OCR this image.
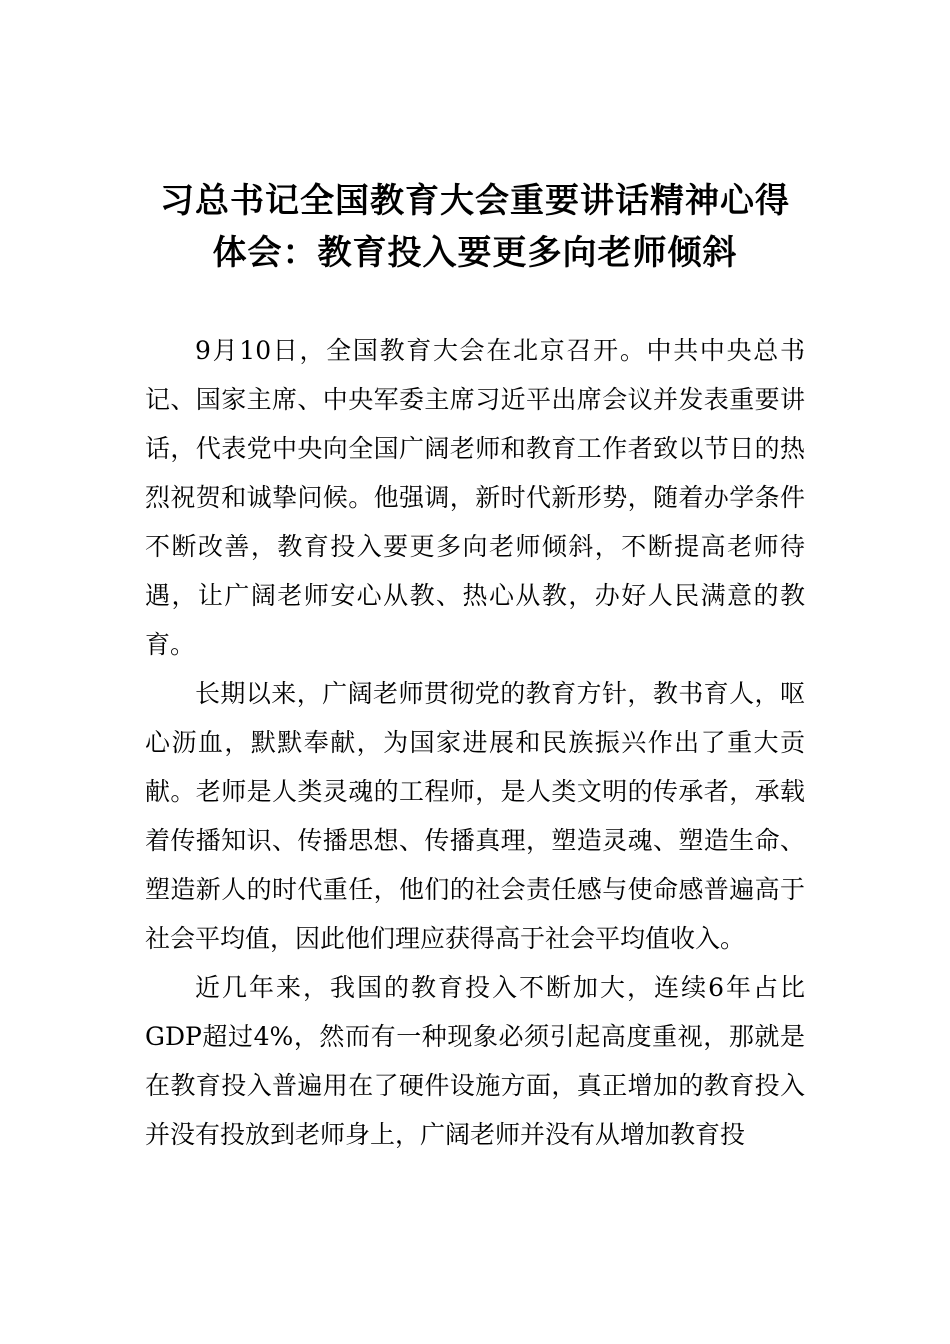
习总书记全国教育大会重要讲话精神心得体会：教育投入要更多向老师倾斜

9月10日，全国教育大会在北京召开。中共中央总书记、国家主席、中央军委主席习近平出席会议并发表重要讲话，代表党中央向全国广阔老师和教育工作者致以节日的热烈祝贺和诚挚问候。他强调，新时代新形势，随着办学条件不断改善，教育投入要更多向老师倾斜，不断提高老师待遇，让广阔老师安心从教、热心从教，办好人民满意的教育。

长期以来，广阔老师贯彻党的教育方针，教书育人，呕心沥血，默默奉献，为国家进展和民族振兴作出了重大贡献。老师是人类灵魂的工程师，是人类文明的传承者，承载着传播知识、传播思想、传播真理，塑造灵魂、塑造生命、塑造新人的时代重任，他们的社会责任感与使命感普遍高于社会平均值，因此他们理应获得高于社会平均值收入。

近几年来，我国的教育投入不断加大，连续6年占比GDP超过4%，然而有一种现象必须引起高度重视，那就是在教育投入普遍用在了硬件设施方面，真正增加的教育投入并没有投放到老师身上，广阔老师并没有从增加教育投
